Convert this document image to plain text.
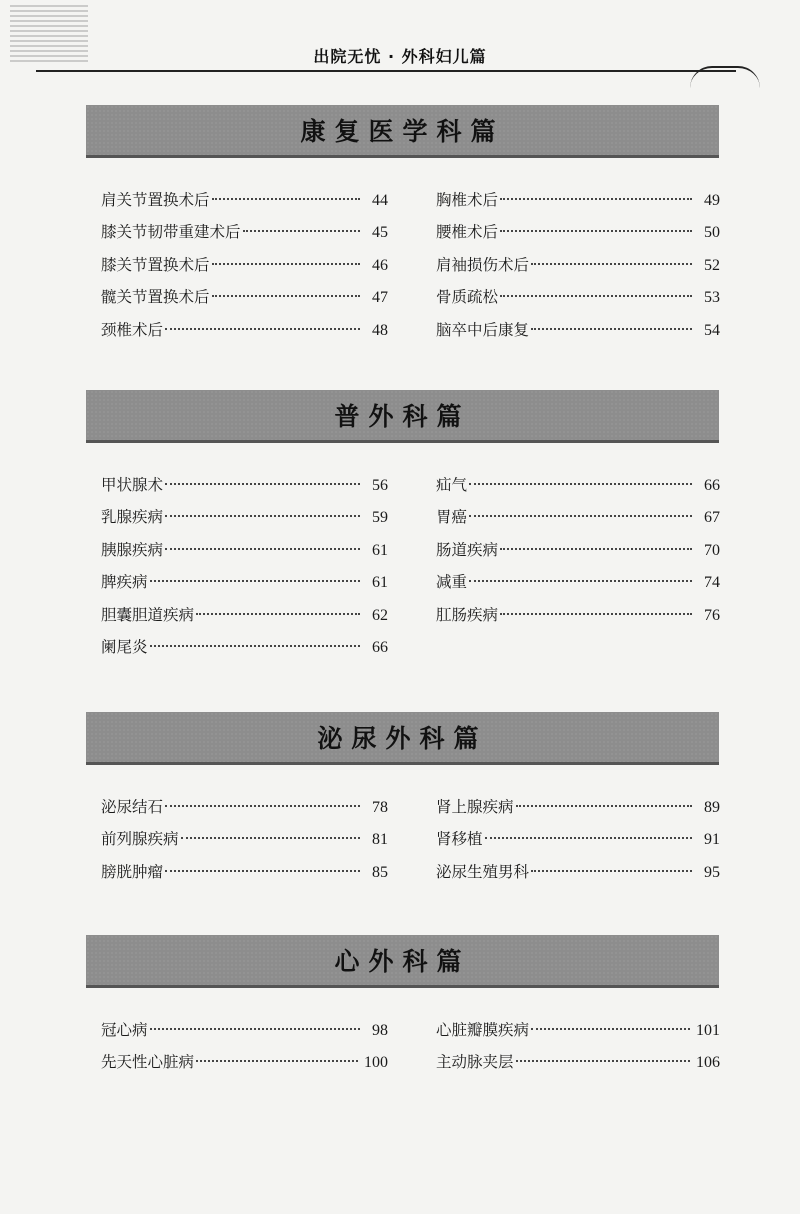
出院无忧 · 外科妇儿篇
康复医学科篇
肩关节置换术后	44
膝关节韧带重建术后	45
膝关节置换术后	46
髋关节置换术后	47
颈椎术后	48
胸椎术后	49
腰椎术后	50
肩袖损伤术后	52
骨质疏松	53
脑卒中后康复	54
普外科篇
甲状腺术	56
乳腺疾病	59
胰腺疾病	61
脾疾病	61
胆囊胆道疾病	62
阑尾炎	66
疝气	66
胃癌	67
肠道疾病	70
减重	74
肛肠疾病	76
泌尿外科篇
泌尿结石	78
前列腺疾病	81
膀胱肿瘤	85
肾上腺疾病	89
肾移植	91
泌尿生殖男科	95
心外科篇
冠心病	98
先天性心脏病	100
心脏瓣膜疾病	101
主动脉夹层	106
